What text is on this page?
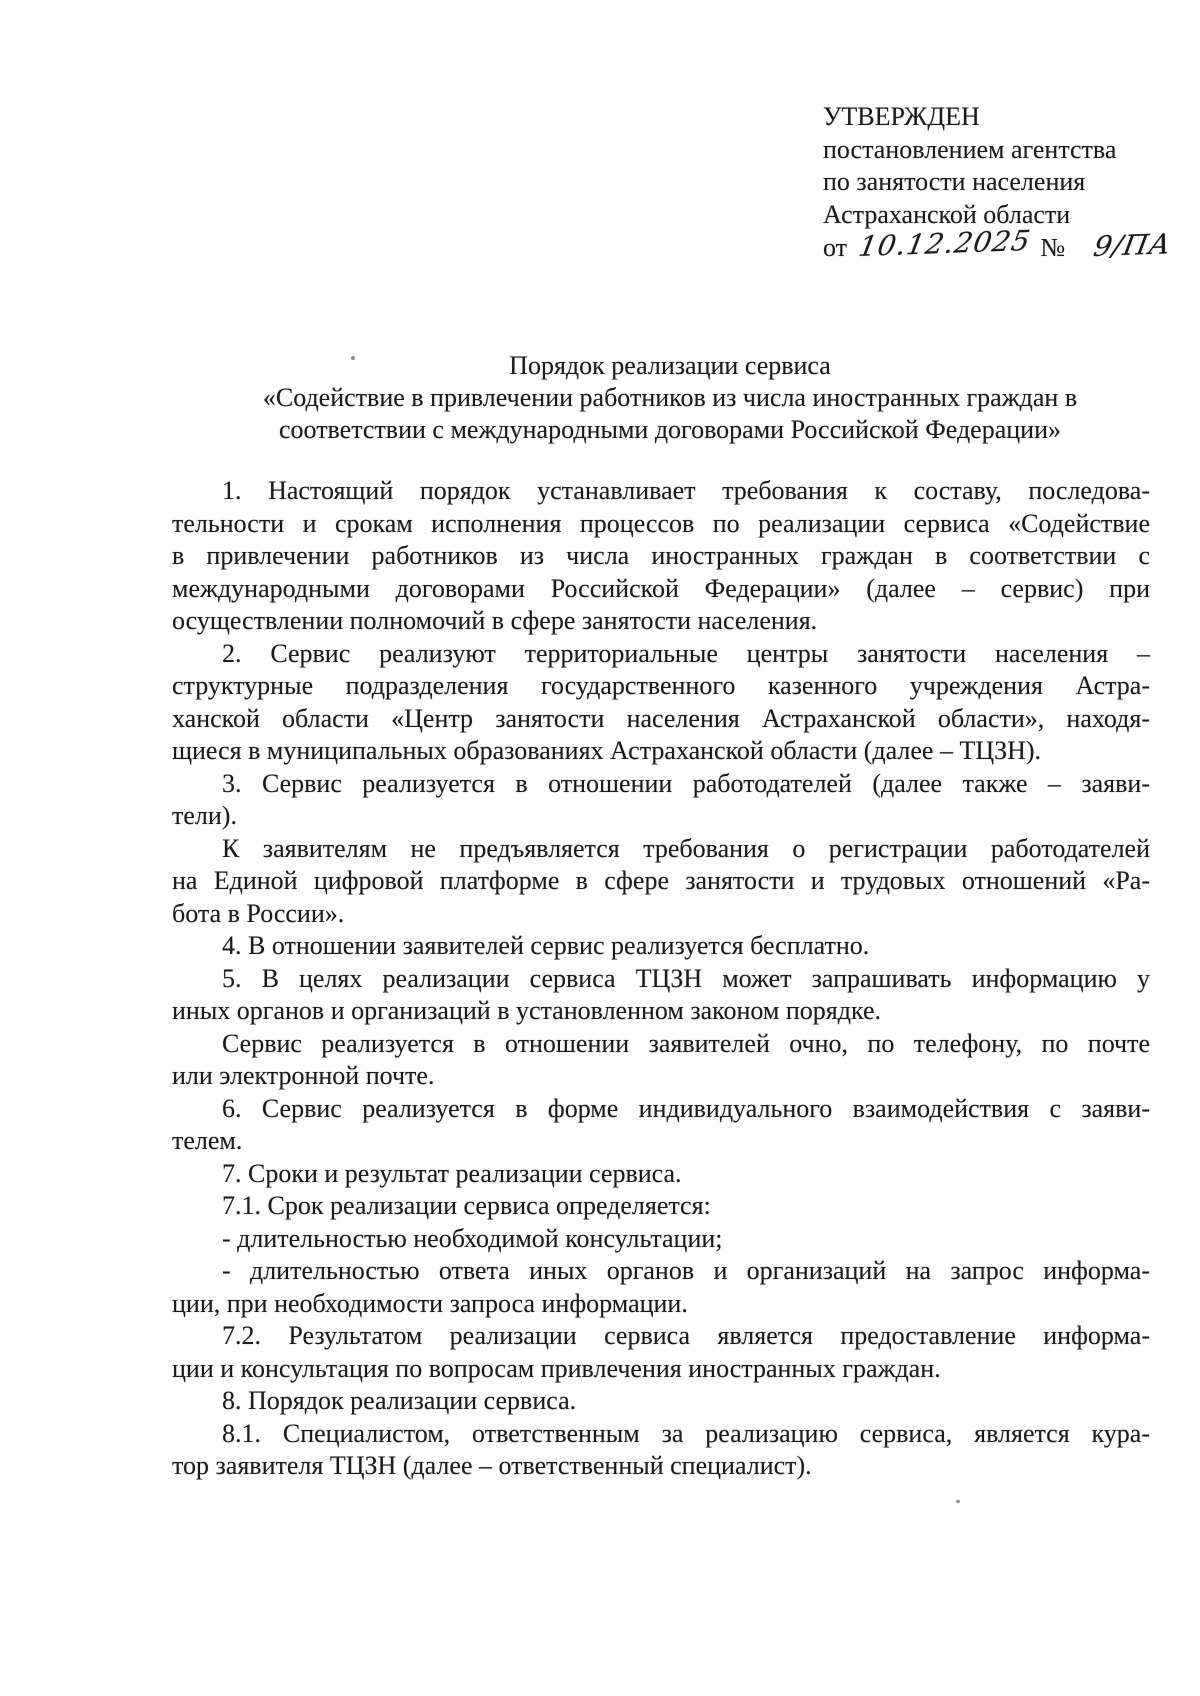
УТВЕРЖДЕН
постановлением агентства
по занятости населения
Астраханской области
от 10.12.2025 № 9/ПА
Порядок реализации сервиса
«Содействие в привлечении работников из числа иностранных граждан в
соответствии с международными договорами Российской Федерации»
1. Настоящий порядок устанавливает требования к составу, последова-
тельности и срокам исполнения процессов по реализации сервиса «Содействие
в привлечении работников из числа иностранных граждан в соответствии с
международными договорами Российской Федерации» (далее – сервис) при
осуществлении полномочий в сфере занятости населения.
2. Сервис реализуют территориальные центры занятости населения –
структурные подразделения государственного казенного учреждения Астра-
ханской области «Центр занятости населения Астраханской области», находя-
щиеся в муниципальных образованиях Астраханской области (далее – ТЦЗН).
3. Сервис реализуется в отношении работодателей (далее также – заяви-
тели).
К заявителям не предъявляется требования о регистрации работодателей
на Единой цифровой платформе в сфере занятости и трудовых отношений «Ра-
бота в России».
4. В отношении заявителей сервис реализуется бесплатно.
5. В целях реализации сервиса ТЦЗН может запрашивать информацию у
иных органов и организаций в установленном законом порядке.
Сервис реализуется в отношении заявителей очно, по телефону, по почте
или электронной почте.
6. Сервис реализуется в форме индивидуального взаимодействия с заяви-
телем.
7. Сроки и результат реализации сервиса.
7.1. Срок реализации сервиса определяется:
- длительностью необходимой консультации;
- длительностью ответа иных органов и организаций на запрос информа-
ции, при необходимости запроса информации.
7.2. Результатом реализации сервиса является предоставление информа-
ции и консультация по вопросам привлечения иностранных граждан.
8. Порядок реализации сервиса.
8.1. Специалистом, ответственным за реализацию сервиса, является кура-
тор заявителя ТЦЗН (далее – ответственный специалист).
